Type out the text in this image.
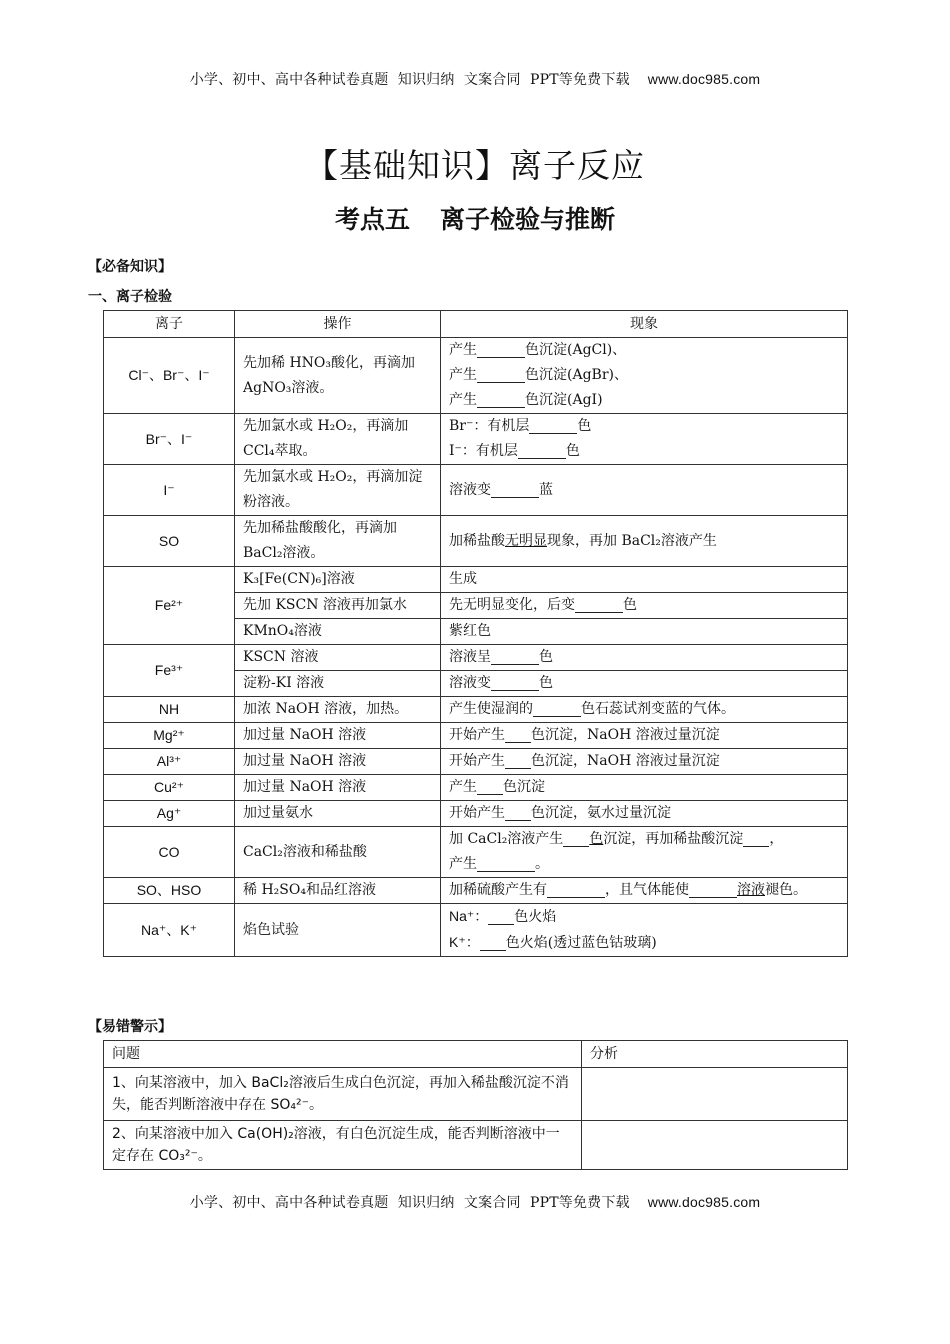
小学、初中、高中各种试卷真题  知识归纳  文案合同  PPT等免费下载 www.doc985.com
【基础知识】离子反应
考点五 离子检验与推断
【必备知识】
一、离子检验
离子	操作	现象
Cl⁻、Br⁻、I⁻	先加稀 HNO₃酸化，再滴加 AgNO₃溶液。	产生 色沉淀(AgCl)、
产生 色沉淀(AgBr)、
产生 色沉淀(AgI)

Br⁻、I⁻	先加氯水或 H₂O₂，再滴加 CCl₄萃取。	Br⁻：有机层 色
I⁻：有机层 色

I⁻	先加氯水或 H₂O₂，再滴加淀粉溶液。	溶液变 蓝
SO	先加稀盐酸酸化，再滴加 BaCl₂溶液。	加稀盐酸无明显现象，再加 BaCl₂溶液产生
Fe²⁺	K₃[Fe(CN)₆]溶液	生成
	先加 KSCN 溶液再加氯水	先无明显变化，后变 色
	KMnO₄溶液	紫红色
Fe³⁺	KSCN 溶液	溶液呈 色
	淀粉-KI 溶液	溶液变 色
NH	加浓 NaOH 溶液，加热。	产生使湿润的 色石蕊试剂变蓝的气体。
Mg²⁺	加过量 NaOH 溶液	开始产生 色沉淀，NaOH 溶液过量沉淀
Al³⁺	加过量 NaOH 溶液	开始产生 色沉淀，NaOH 溶液过量沉淀
Cu²⁺	加过量 NaOH 溶液	产生 色沉淀
Ag⁺	加过量氨水	开始产生 色沉淀，氨水过量沉淀
CO	CaCl₂溶液和稀盐酸	加 CaCl₂溶液产生 色沉淀，再加稀盐酸沉淀 ，
产生 。

SO、HSO	稀 H₂SO₄和品红溶液	加稀硫酸产生有 ，且气体能使 溶液褪色。
Na⁺、K⁺	焰色试验	Na⁺： 色火焰
K⁺： 色火焰(透过蓝色钴玻璃)
【易错警示】
问题	分析
1、向某溶液中，加入 BaCl₂溶液后生成白色沉淀，再加入稀盐酸沉淀不消失，能否判断溶液中存在 SO₄²⁻。	
2、向某溶液中加入 Ca(OH)₂溶液，有白色沉淀生成，能否判断溶液中一定存在 CO₃²⁻。	
小学、初中、高中各种试卷真题  知识归纳  文案合同  PPT等免费下载 www.doc985.com
